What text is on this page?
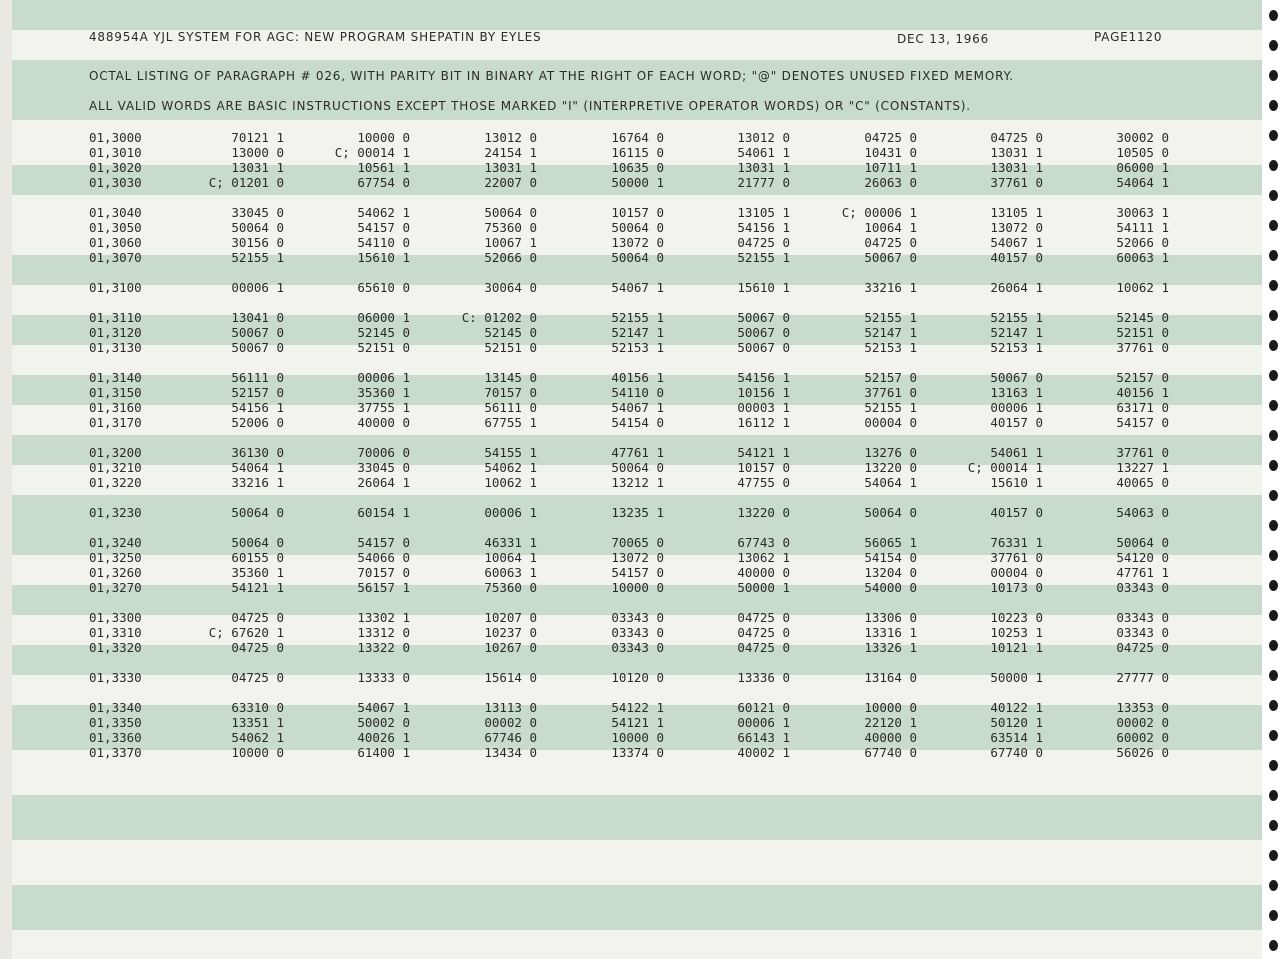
488954A YJL SYSTEM FOR AGC: NEW PROGRAM SHEPATIN BY EYLES	DEC 13, 1966	PAGE1120
OCTAL LISTING OF PARAGRAPH # 026, WITH PARITY BIT IN BINARY AT THE RIGHT OF EACH WORD; "@" DENOTES UNUSED FIXED MEMORY.
ALL VALID WORDS ARE BASIC INSTRUCTIONS EXCEPT THOSE MARKED "I" (INTERPRETIVE OPERATOR WORDS) OR "C" (CONSTANTS).
01,3000	70121 1	10000 0	13012 0	16764 0	13012 0	04725 0	04725 0	30002 0
01,3010	13000 0	C; 00014 1	24154 1	16115 0	54061 1	10431 0	13031 1	10505 0
01,3020	13031 1	10561 1	13031 1	10635 0	13031 1	10711 1	13031 1	06000 1
01,3030	C; 01201 0	67754 0	22007 0	50000 1	21777 0	26063 0	37761 0	54064 1
01,3040	33045 0	54062 1	50064 0	10157 0	13105 1	C; 00006 1	13105 1	30063 1
01,3050	50064 0	54157 0	75360 0	50064 0	54156 1	10064 1	13072 0	54111 1
01,3060	30156 0	54110 0	10067 1	13072 0	04725 0	04725 0	54067 1	52066 0
01,3070	52155 1	15610 1	52066 0	50064 0	52155 1	50067 0	40157 0	60063 1
01,3100	00006 1	65610 0	30064 0	54067 1	15610 1	33216 1	26064 1	10062 1
01,3110	13041 0	06000 1	C: 01202 0	52155 1	50067 0	52155 1	52155 1	52145 0
01,3120	50067 0	52145 0	52145 0	52147 1	50067 0	52147 1	52147 1	52151 0
01,3130	50067 0	52151 0	52151 0	52153 1	50067 0	52153 1	52153 1	37761 0
01,3140	56111 0	00006 1	13145 0	40156 1	54156 1	52157 0	50067 0	52157 0
01,3150	52157 0	35360 1	70157 0	54110 0	10156 1	37761 0	13163 1	40156 1
01,3160	54156 1	37755 1	56111 0	54067 1	00003 1	52155 1	00006 1	63171 0
01,3170	52006 0	40000 0	67755 1	54154 0	16112 1	00004 0	40157 0	54157 0
01,3200	36130 0	70006 0	54155 1	47761 1	54121 1	13276 0	54061 1	37761 0
01,3210	54064 1	33045 0	54062 1	50064 0	10157 0	13220 0	C; 00014 1	13227 1
01,3220	33216 1	26064 1	10062 1	13212 1	47755 0	54064 1	15610 1	40065 0
01,3230	50064 0	60154 1	00006 1	13235 1	13220 0	50064 0	40157 0	54063 0
01,3240	50064 0	54157 0	46331 1	70065 0	67743 0	56065 1	76331 1	50064 0
01,3250	60155 0	54066 0	10064 1	13072 0	13062 1	54154 0	37761 0	54120 0
01,3260	35360 1	70157 0	60063 1	54157 0	40000 0	13204 0	00004 0	47761 1
01,3270	54121 1	56157 1	75360 0	10000 0	50000 1	54000 0	10173 0	03343 0
01,3300	04725 0	13302 1	10207 0	03343 0	04725 0	13306 0	10223 0	03343 0
01,3310	C; 67620 1	13312 0	10237 0	03343 0	04725 0	13316 1	10253 1	03343 0
01,3320	04725 0	13322 0	10267 0	03343 0	04725 0	13326 1	10121 1	04725 0
01,3330	04725 0	13333 0	15614 0	10120 0	13336 0	13164 0	50000 1	27777 0
01,3340	63310 0	54067 1	13113 0	54122 1	60121 0	10000 0	40122 1	13353 0
01,3350	13351 1	50002 0	00002 0	54121 1	00006 1	22120 1	50120 1	00002 0
01,3360	54062 1	40026 1	67746 0	10000 0	66143 1	40000 0	63514 1	60002 0
01,3370	10000 0	61400 1	13434 0	13374 0	40002 1	67740 0	67740 0	56026 0
